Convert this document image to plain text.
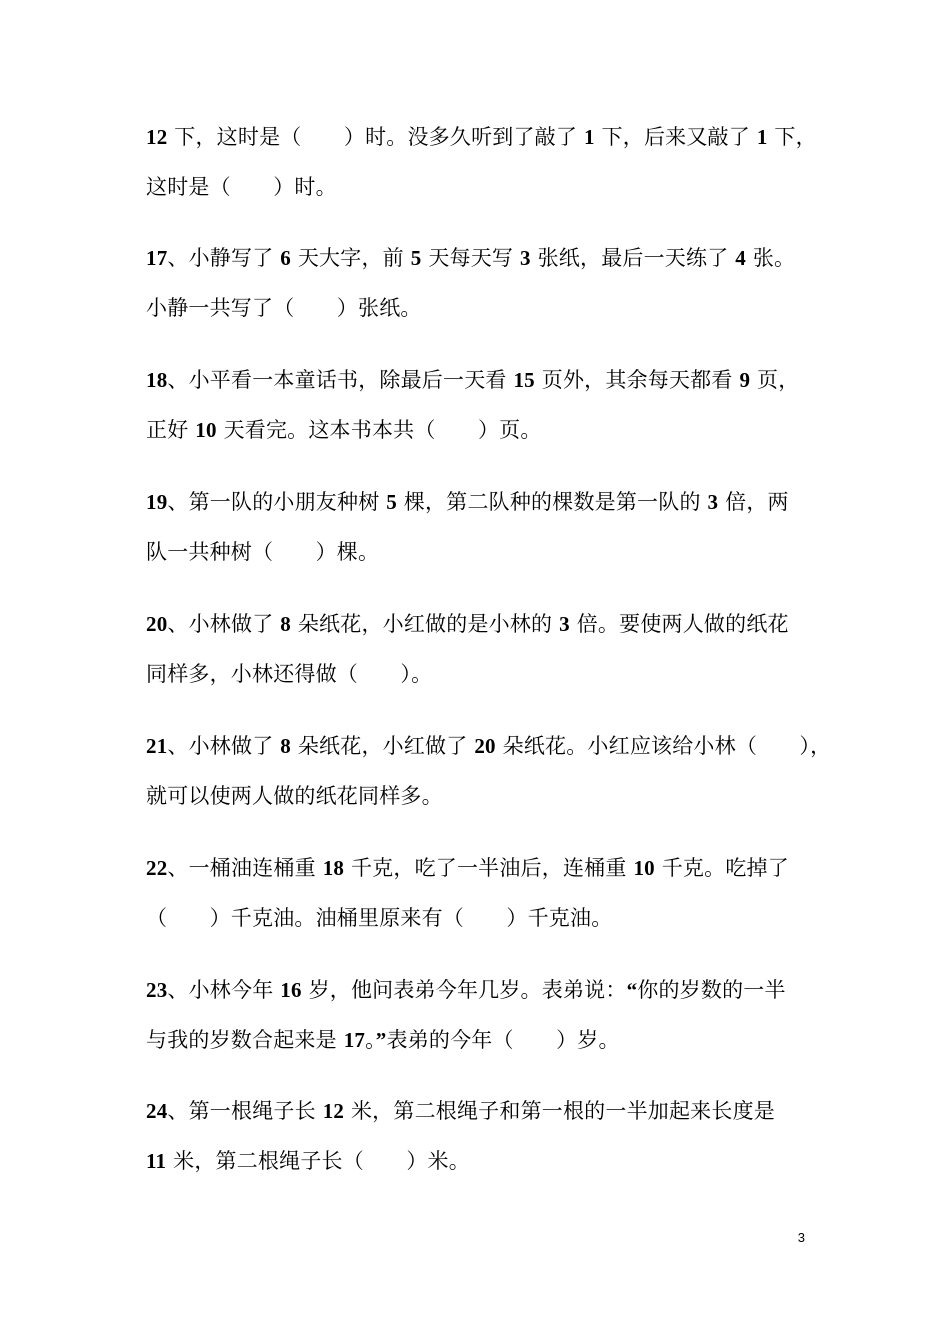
12 下，这时是（　　）时。没多久听到了敲了 1 下，后来又敲了 1 下，
这时是（　　）时。
17、小静写了 6 天大字，前 5 天每天写 3 张纸，最后一天练了 4 张。
小静一共写了（　　）张纸。
18、小平看一本童话书，除最后一天看 15 页外，其余每天都看 9 页，
正好 10 天看完。这本书本共（　　）页。
19、第一队的小朋友种树 5 棵，第二队种的棵数是第一队的 3 倍，两
队一共种树（　　）棵。
20、小林做了 8 朵纸花，小红做的是小林的 3 倍。要使两人做的纸花
同样多，小林还得做（　　）。
21、小林做了 8 朵纸花，小红做了 20 朵纸花。小红应该给小林（　　），
就可以使两人做的纸花同样多。
22、一桶油连桶重 18 千克，吃了一半油后，连桶重 10 千克。吃掉了
（　　）千克油。油桶里原来有（　　）千克油。
23、小林今年 16 岁，他问表弟今年几岁。表弟说：“你的岁数的一半
与我的岁数合起来是 17。”表弟的今年（　　）岁。
24、第一根绳子长 12 米，第二根绳子和第一根的一半加起来长度是
11 米，第二根绳子长（　　）米。
3
